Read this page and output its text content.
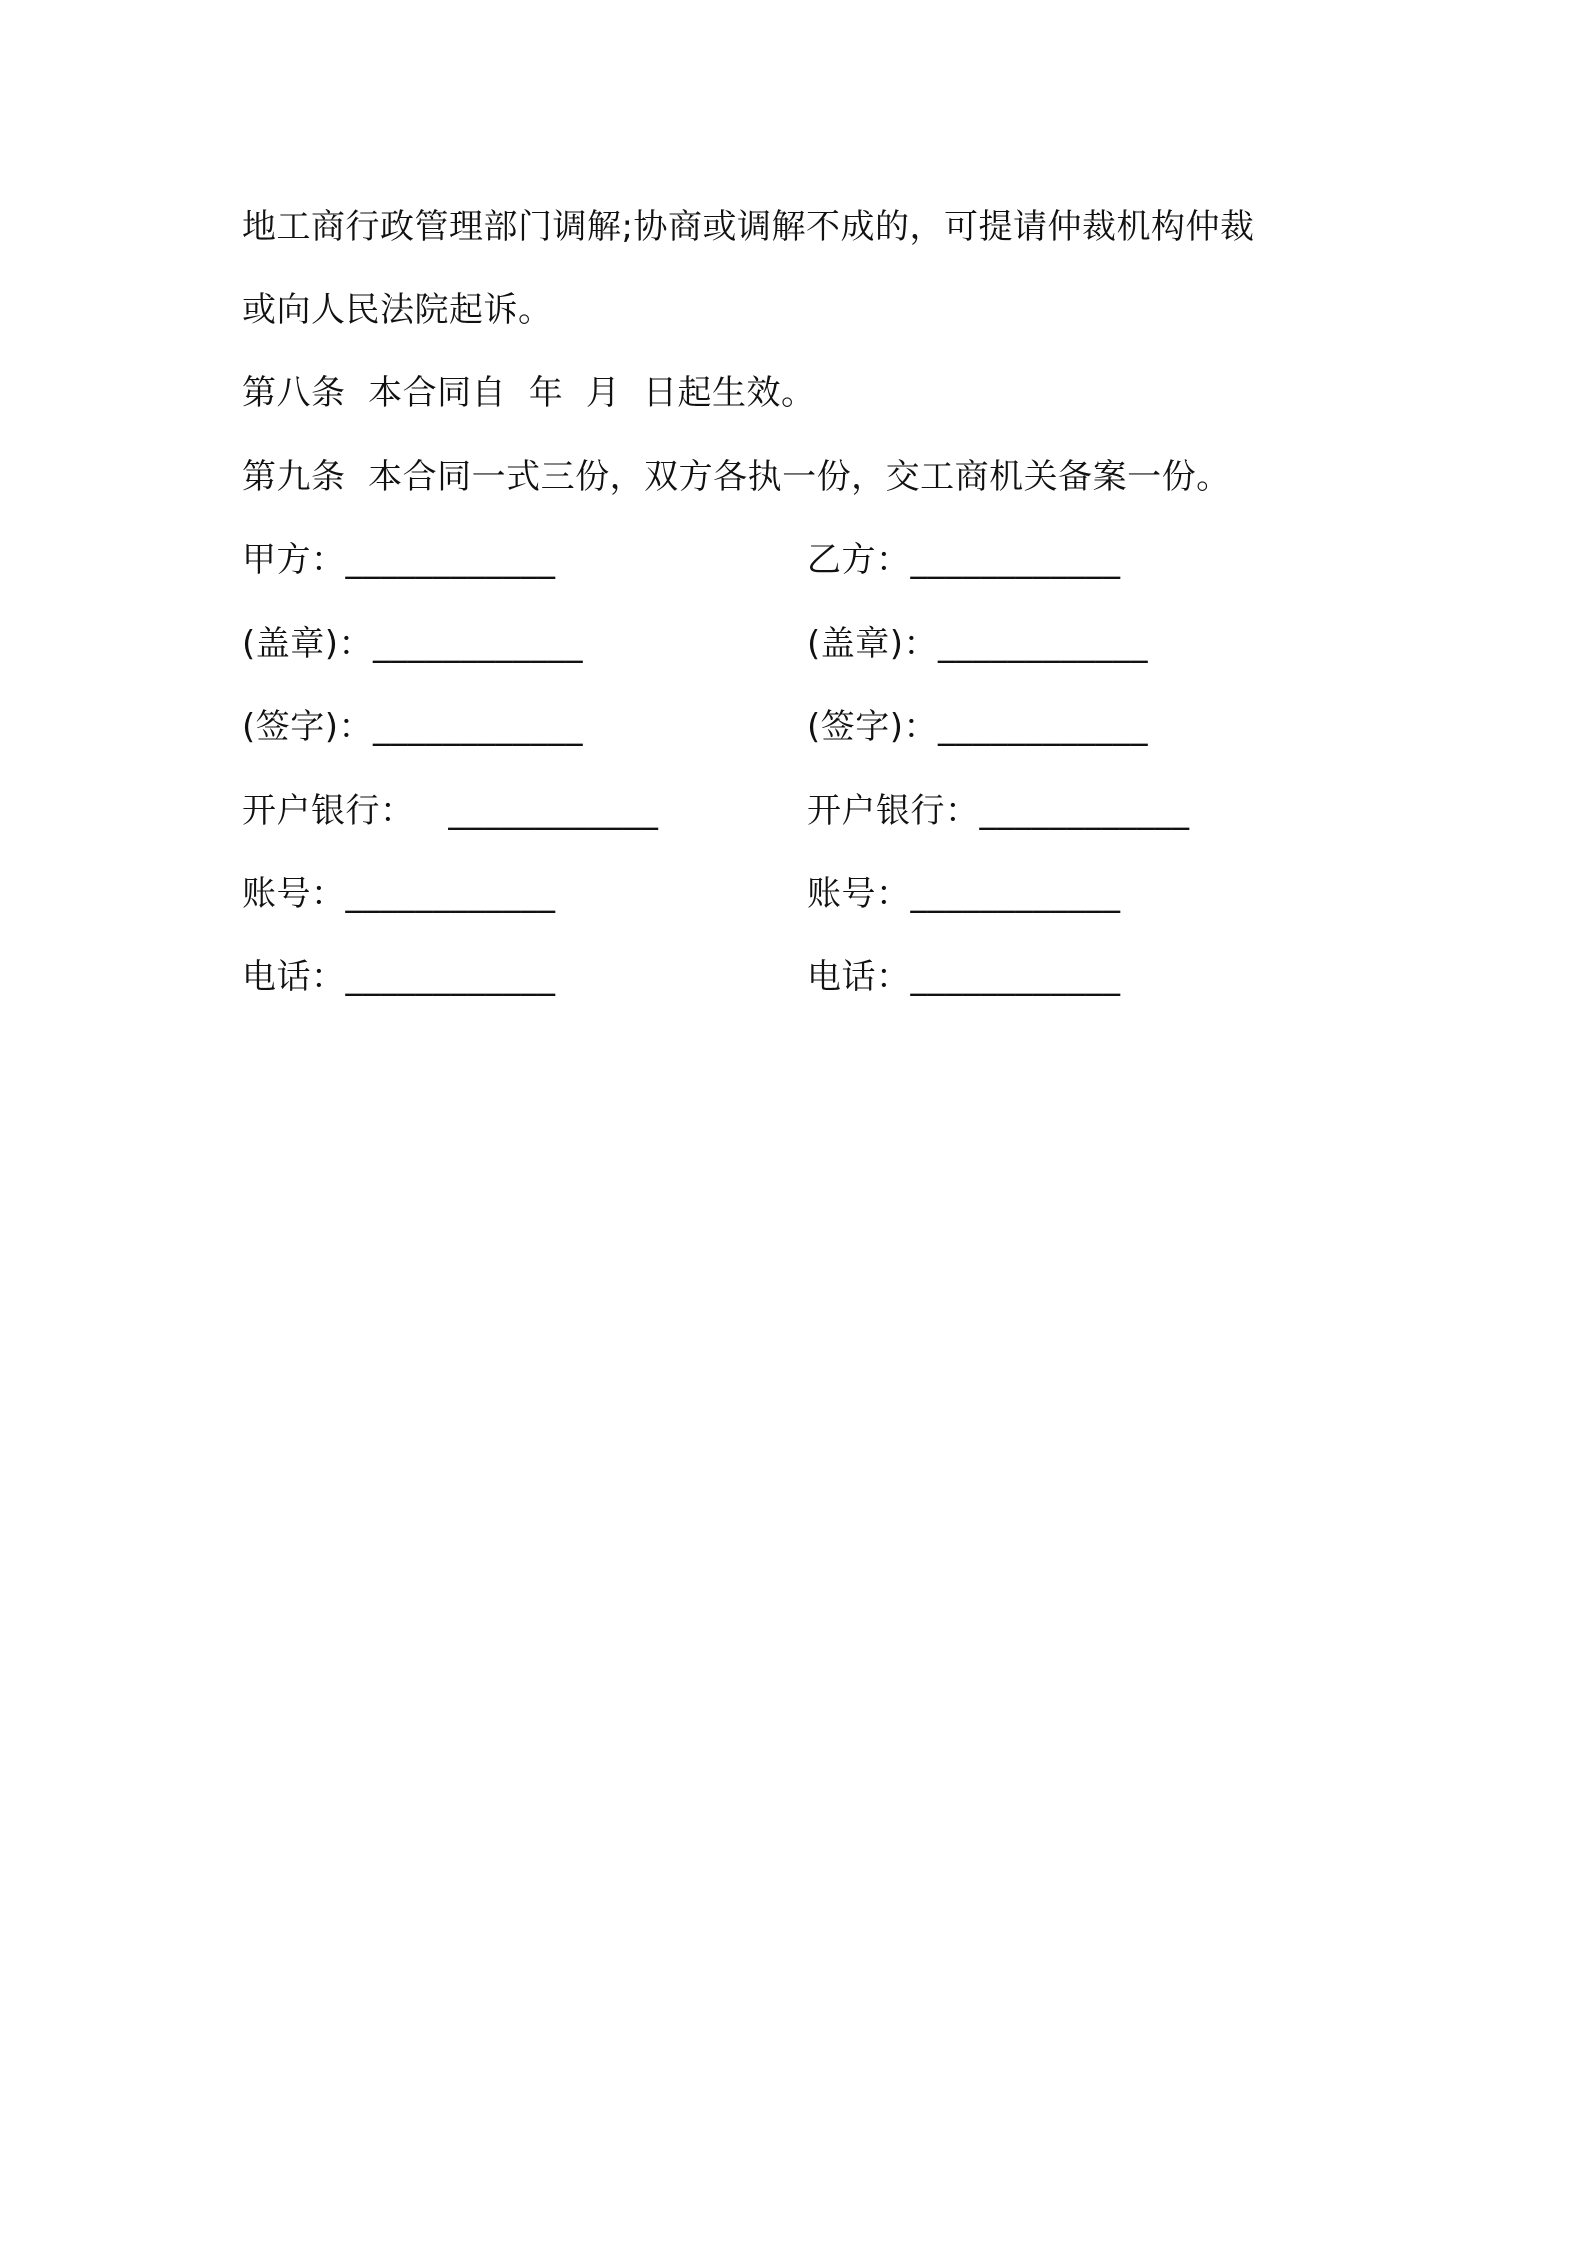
地工商行政管理部门调解;协商或调解不成的，可提请仲裁机构仲裁
或向人民法院起诉。
第八条  本合同自  年  月  日起生效。
第九条  本合同一式三份，双方各执一份，交工商机关备案一份。
甲方：____________	乙方：____________
(盖章)：____________	(盖章)：____________
(签字)：____________	(签字)：____________
开户银行：   ____________	开户银行：____________
账号：____________	账号：____________
电话：____________	电话：____________
